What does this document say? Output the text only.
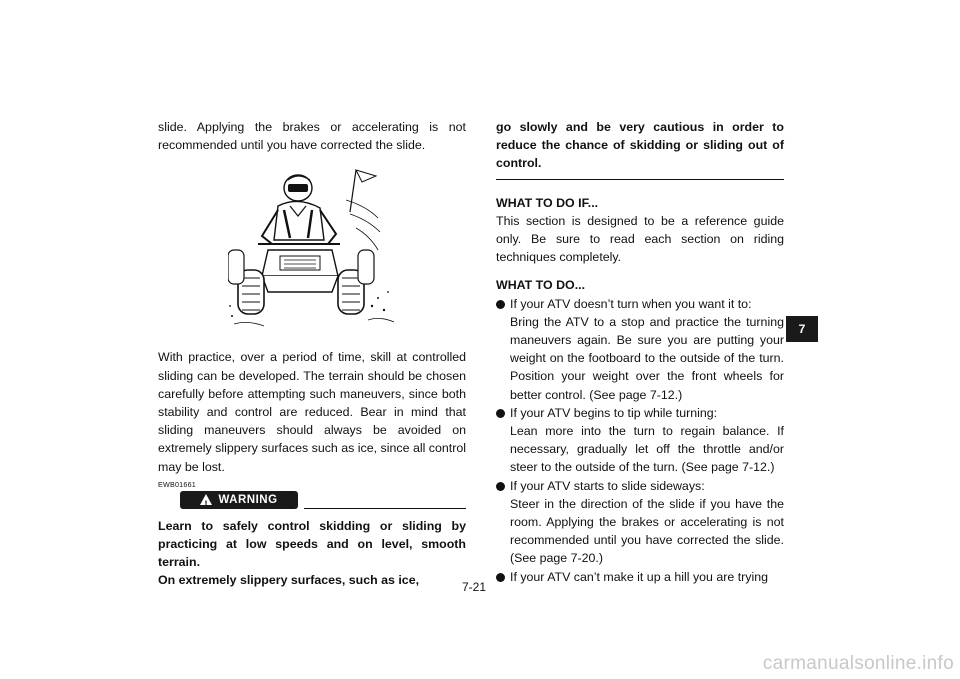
slide. Applying the brakes or accelerating is not recommended until you have corrected the slide.

With practice, over a period of time, skill at controlled sliding can be developed. The terrain should be chosen carefully before attempting such maneuvers, since both stability and control are reduced. Bear in mind that sliding maneuvers should always be avoided on extremely slippery surfaces such as ice, since all control may be lost.

EWB01661
!
WARNING

Learn to safely control skidding or sliding by practicing at low speeds and on level, smooth terrain.

On extremely slippery surfaces, such as ice,

go slowly and be very cautious in order to reduce the chance of skidding or sliding out of control.

WHAT TO DO IF...

This section is designed to be a reference guide only. Be sure to read each section on riding techniques completely.

WHAT TO DO...

If your ATV doesn’t turn when you want it to:
Bring the ATV to a stop and practice the turning maneuvers again. Be sure you are putting your weight on the footboard to the outside of the turn. Position your weight over the front wheels for better control. (See page 7-12.)
If your ATV begins to tip while turning:
Lean more into the turn to regain balance. If necessary, gradually let off the throttle and/or steer to the outside of the turn. (See page 7-12.)
If your ATV starts to slide sideways:
Steer in the direction of the slide if you have the room. Applying the brakes or accelerating is not recommended until you have corrected the slide. (See page 7-20.)
If your ATV can’t make it up a hill you are trying
7-21
7
carmanualsonline.info
